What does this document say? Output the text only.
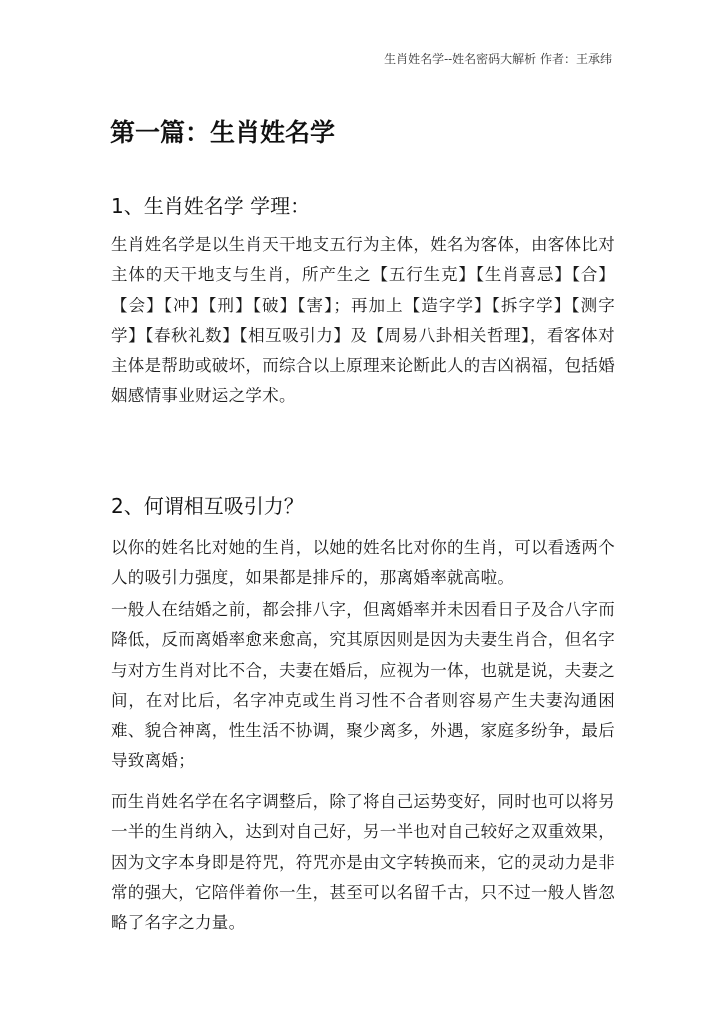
生肖姓名学--姓名密码大解析 作者：王承纬
第一篇：生肖姓名学
1、生肖姓名学 学理：

生肖姓名学是以生肖天干地支五行为主体，姓名为客体，由客体比对主体的天干地支与生肖，所产生之【五行生克】【生肖喜忌】【合】【会】【冲】【刑】【破】【害】；再加上【造字学】【拆字学】【测字学】【春秋礼数】【相互吸引力】及【周易八卦相关哲理】，看客体对主体是帮助或破坏，而综合以上原理来论断此人的吉凶祸福，包括婚姻感情事业财运之学术。

2、何谓相互吸引力？

以你的姓名比对她的生肖，以她的姓名比对你的生肖，可以看透两个人的吸引力强度，如果都是排斥的，那离婚率就高啦。

一般人在结婚之前，都会排八字，但离婚率并未因看日子及合八字而降低，反而离婚率愈来愈高，究其原因则是因为夫妻生肖合，但名字与对方生肖对比不合，夫妻在婚后，应视为一体，也就是说，夫妻之间，在对比后，名字冲克或生肖习性不合者则容易产生夫妻沟通困难、貌合神离，性生活不协调，聚少离多，外遇，家庭多纷争，最后导致离婚；

而生肖姓名学在名字调整后，除了将自己运势变好，同时也可以将另一半的生肖纳入，达到对自己好，另一半也对自己较好之双重效果，因为文字本身即是符咒，符咒亦是由文字转换而来，它的灵动力是非常的强大，它陪伴着你一生，甚至可以名留千古，只不过一般人皆忽略了名字之力量。
